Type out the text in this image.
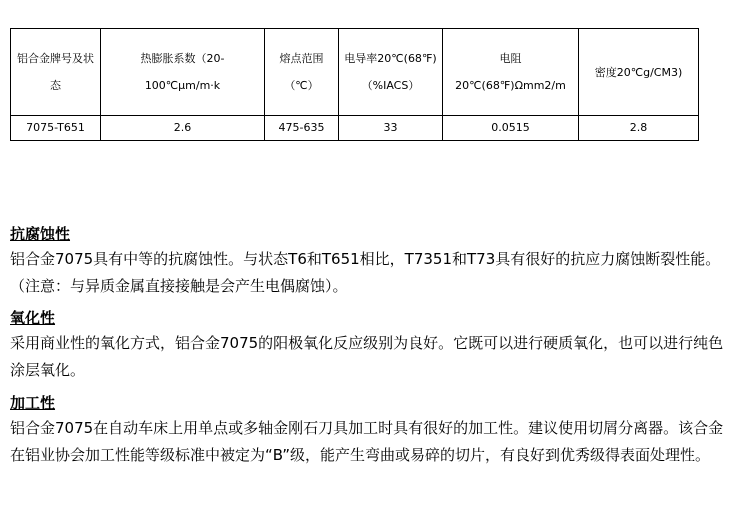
铝合金牌号及状态	热膨胀系数（20-100℃μm/m·k	熔点范围（℃）	电导率20℃(68℉)（%IACS）	电阻20℃(68℉)Ωmm2/m	密度20℃g/CM3)
7075-T651	2.6	475-635	33	0.0515	2.8
抗腐蚀性
铝合金7075具有中等的抗腐蚀性。与状态T6和T651相比，T7351和T73具有很好的抗应力腐蚀断裂性能。（注意：与异质金属直接接触是会产生电偶腐蚀）。
氧化性
采用商业性的氧化方式，铝合金7075的阳极氧化反应级别为良好。它既可以进行硬质氧化，也可以进行纯色涂层氧化。
加工性
铝合金7075在自动车床上用单点或多轴金刚石刀具加工时具有很好的加工性。建议使用切屑分离器。该合金在铝业协会加工性能等级标准中被定为“B”级，能产生弯曲或易碎的切片，有良好到优秀级得表面处理性。
